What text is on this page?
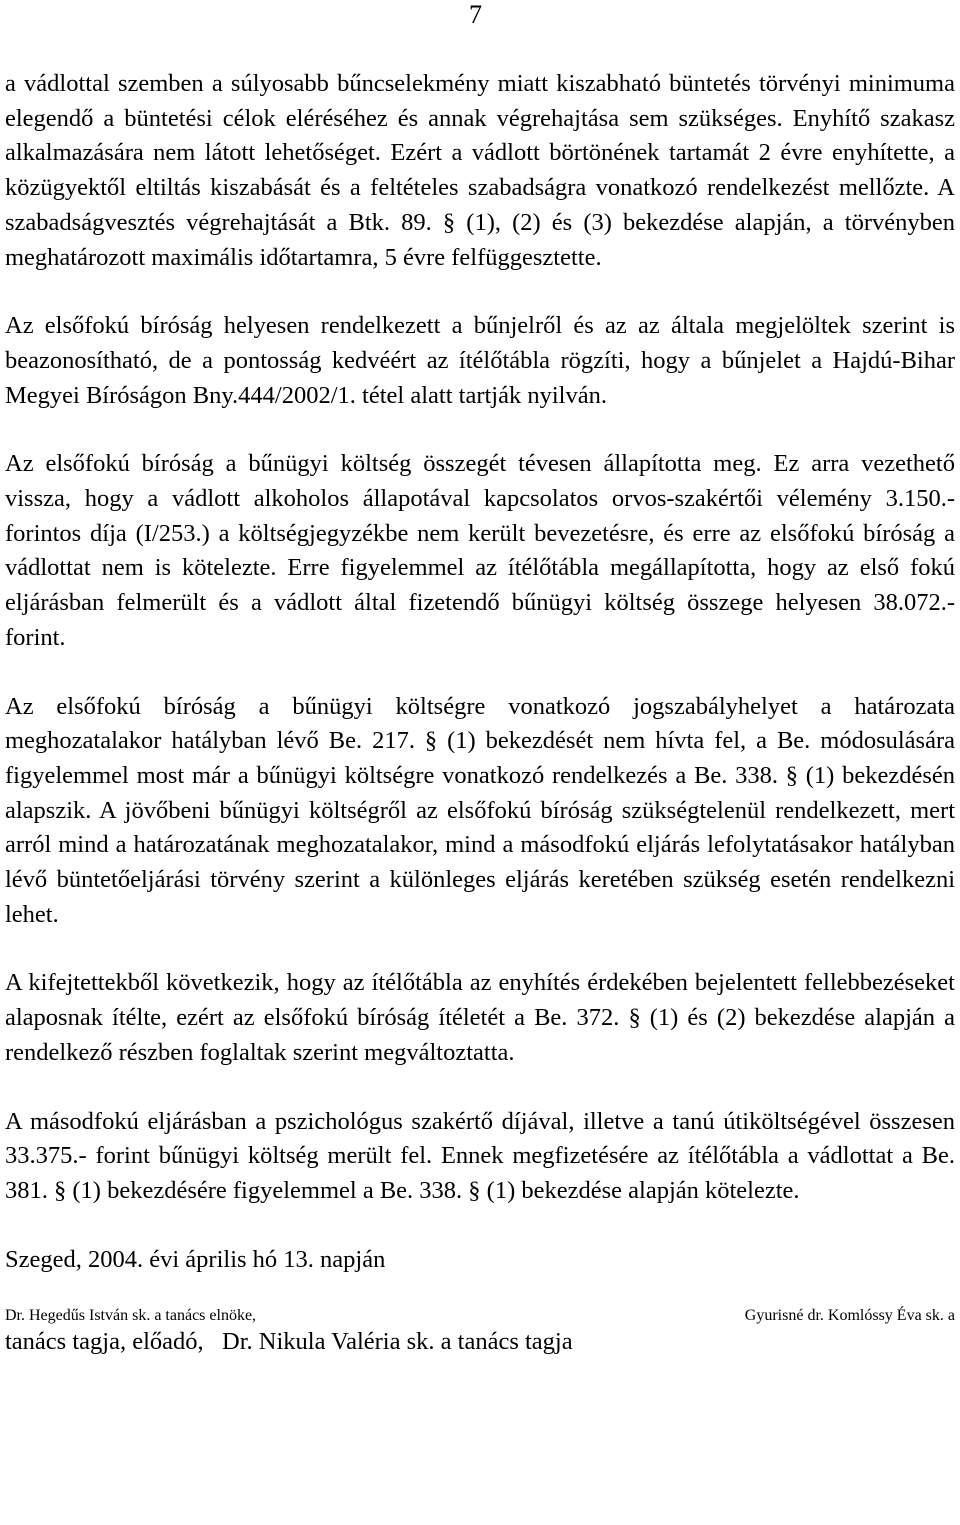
7

a vádlottal szemben a súlyosabb bűncselekmény miatt kiszabható büntetés törvényi minimuma elegendő a büntetési célok eléréséhez és annak végrehajtása sem szükséges. Enyhítő szakasz alkalmazására nem látott lehetőséget. Ezért a vádlott börtönének tartamát 2 évre enyhítette, a közügyektől eltiltás kiszabását és a feltételes szabadságra vonatkozó rendelkezést mellőzte. A szabadságvesztés végrehajtását a Btk. 89. § (1), (2) és (3) bekezdése alapján, a törvényben meghatározott maximális időtartamra, 5 évre felfüggesztette.

Az elsőfokú bíróság helyesen rendelkezett a bűnjelről és az az általa megjelöltek szerint is beazonosítható, de a pontosság kedvéért az ítélőtábla rögzíti, hogy a bűnjelet a Hajdú-Bihar Megyei Bíróságon Bny.444/2002/1. tétel alatt tartják nyilván.

Az elsőfokú bíróság a bűnügyi költség összegét tévesen állapította meg. Ez arra vezethető vissza, hogy a vádlott alkoholos állapotával kapcsolatos orvos-szakértői vélemény 3.150.- forintos díja (I/253.) a költségjegyzékbe nem került bevezetésre, és erre az elsőfokú bíróság a vádlottat nem is kötelezte. Erre figyelemmel az ítélőtábla megállapította, hogy az első fokú eljárásban felmerült és a vádlott által fizetendő bűnügyi költség összege helyesen 38.072.- forint.

Az elsőfokú bíróság a bűnügyi költségre vonatkozó jogszabályhelyet a határozata meghozatalakor hatályban lévő Be. 217. § (1) bekezdését nem hívta fel, a Be. módosulására figyelemmel most már a bűnügyi költségre vonatkozó rendelkezés a Be. 338. § (1) bekezdésén alapszik. A jövőbeni bűnügyi költségről az elsőfokú bíróság szükségtelenül rendelkezett, mert arról mind a határozatának meghozatalakor, mind a másodfokú eljárás lefolytatásakor hatályban lévő büntetőeljárási törvény szerint a különleges eljárás keretében szükség esetén rendelkezni lehet.

A kifejtettekből következik, hogy az ítélőtábla az enyhítés érdekében bejelentett fellebbezéseket alaposnak ítélte, ezért az elsőfokú bíróság ítéletét a Be. 372. § (1) és (2) bekezdése alapján a rendelkező részben foglaltak szerint megváltoztatta.

A másodfokú eljárásban a pszichológus szakértő díjával, illetve a tanú útiköltségével összesen 33.375.- forint bűnügyi költség merült fel. Ennek megfizetésére az ítélőtábla a vádlottat a Be. 381. § (1) bekezdésére figyelemmel a Be. 338. § (1) bekezdése alapján kötelezte.

Szeged, 2004. évi április hó 13. napján

Dr. Hegedűs István sk. a tanács elnöke,	Gyurisné dr. Komlóssy Éva sk. a

tanács tagja, előadó,   Dr. Nikula Valéria sk. a tanács tagja
